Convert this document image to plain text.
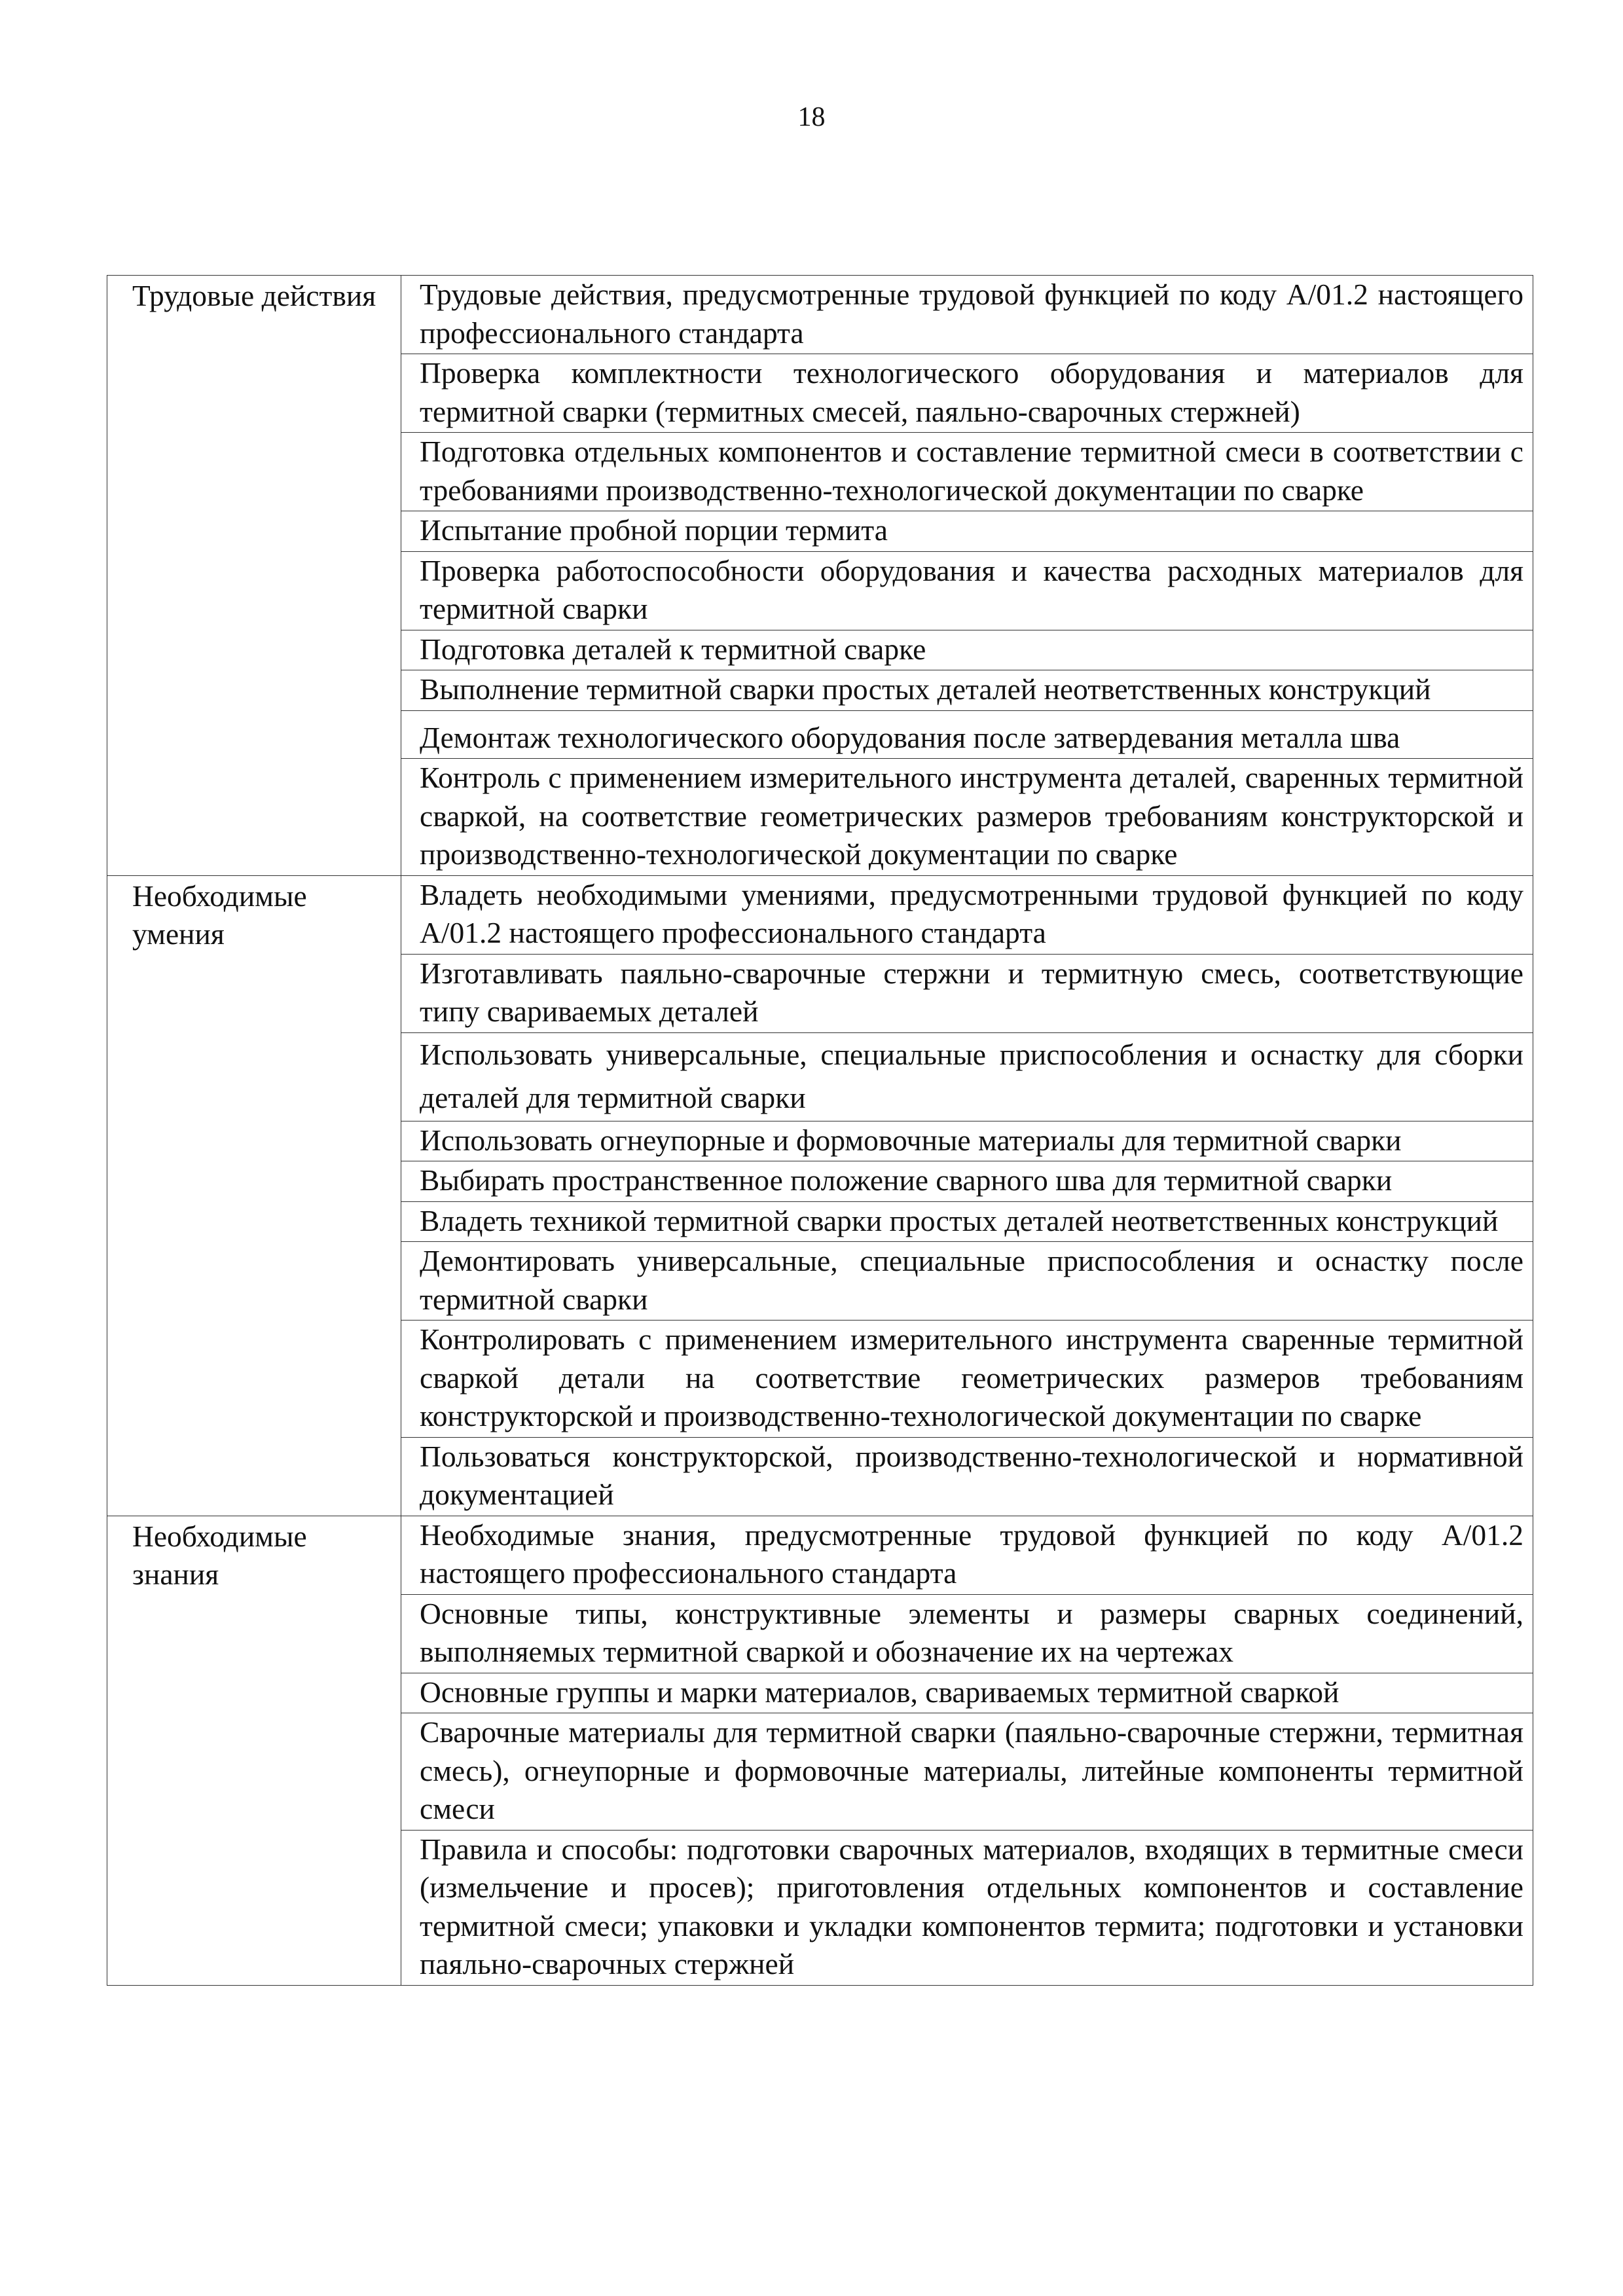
18
Трудовые действия	Трудовые действия, предусмотренные трудовой функцией по коду А/01.2 настоящего профессионального стандарта
	Проверка комплектности технологического оборудования и материалов для термитной сварки (термитных смесей, паяльно-сварочных стержней)
	Подготовка отдельных компонентов и составление термитной смеси в соответствии с требованиями производственно-технологической документации по сварке
	Испытание пробной порции термита
	Проверка работоспособности оборудования и качества расходных материалов для термитной сварки
	Подготовка деталей к термитной сварке
	Выполнение термитной сварки простых деталей неответственных конструкций
	Демонтаж технологического оборудования после затвердевания металла шва
	Контроль с применением измерительного инструмента деталей, сваренных термитной сваркой, на соответствие геометрических размеров требованиям конструкторской и производственно-технологической документации по сварке
Необходимые умения	Владеть необходимыми умениями, предусмотренными трудовой функцией по коду А/01.2 настоящего профессионального стандарта
	Изготавливать паяльно-сварочные стержни и термитную смесь, соответствующие типу свариваемых деталей
	Использовать универсальные, специальные приспособления и оснастку для сборки деталей для термитной сварки
	Использовать огнеупорные и формовочные материалы для термитной сварки
	Выбирать пространственное положение сварного шва для термитной сварки
	Владеть техникой термитной сварки простых деталей неответственных конструкций
	Демонтировать универсальные, специальные приспособления и оснастку после термитной сварки
	Контролировать с применением измерительного инструмента сваренные термитной сваркой детали на соответствие геометрических размеров требованиям конструкторской и производственно-технологической документации по сварке
	Пользоваться конструкторской, производственно-технологической и нормативной документацией
Необходимые знания	Необходимые знания, предусмотренные трудовой функцией по коду А/01.2 настоящего профессионального стандарта
	Основные типы, конструктивные элементы и размеры сварных соединений, выполняемых термитной сваркой и обозначение их на чертежах
	Основные группы и марки материалов, свариваемых термитной сваркой
	Сварочные материалы для термитной сварки (паяльно-сварочные стержни, термитная смесь), огнеупорные и формовочные материалы, литейные компоненты термитной смеси
	Правила и способы: подготовки сварочных материалов, входящих в термитные смеси (измельчение и просев); приготовления отдельных компонентов и составление термитной смеси; упаковки и укладки компонентов термита; подготовки и установки паяльно-сварочных стержней
